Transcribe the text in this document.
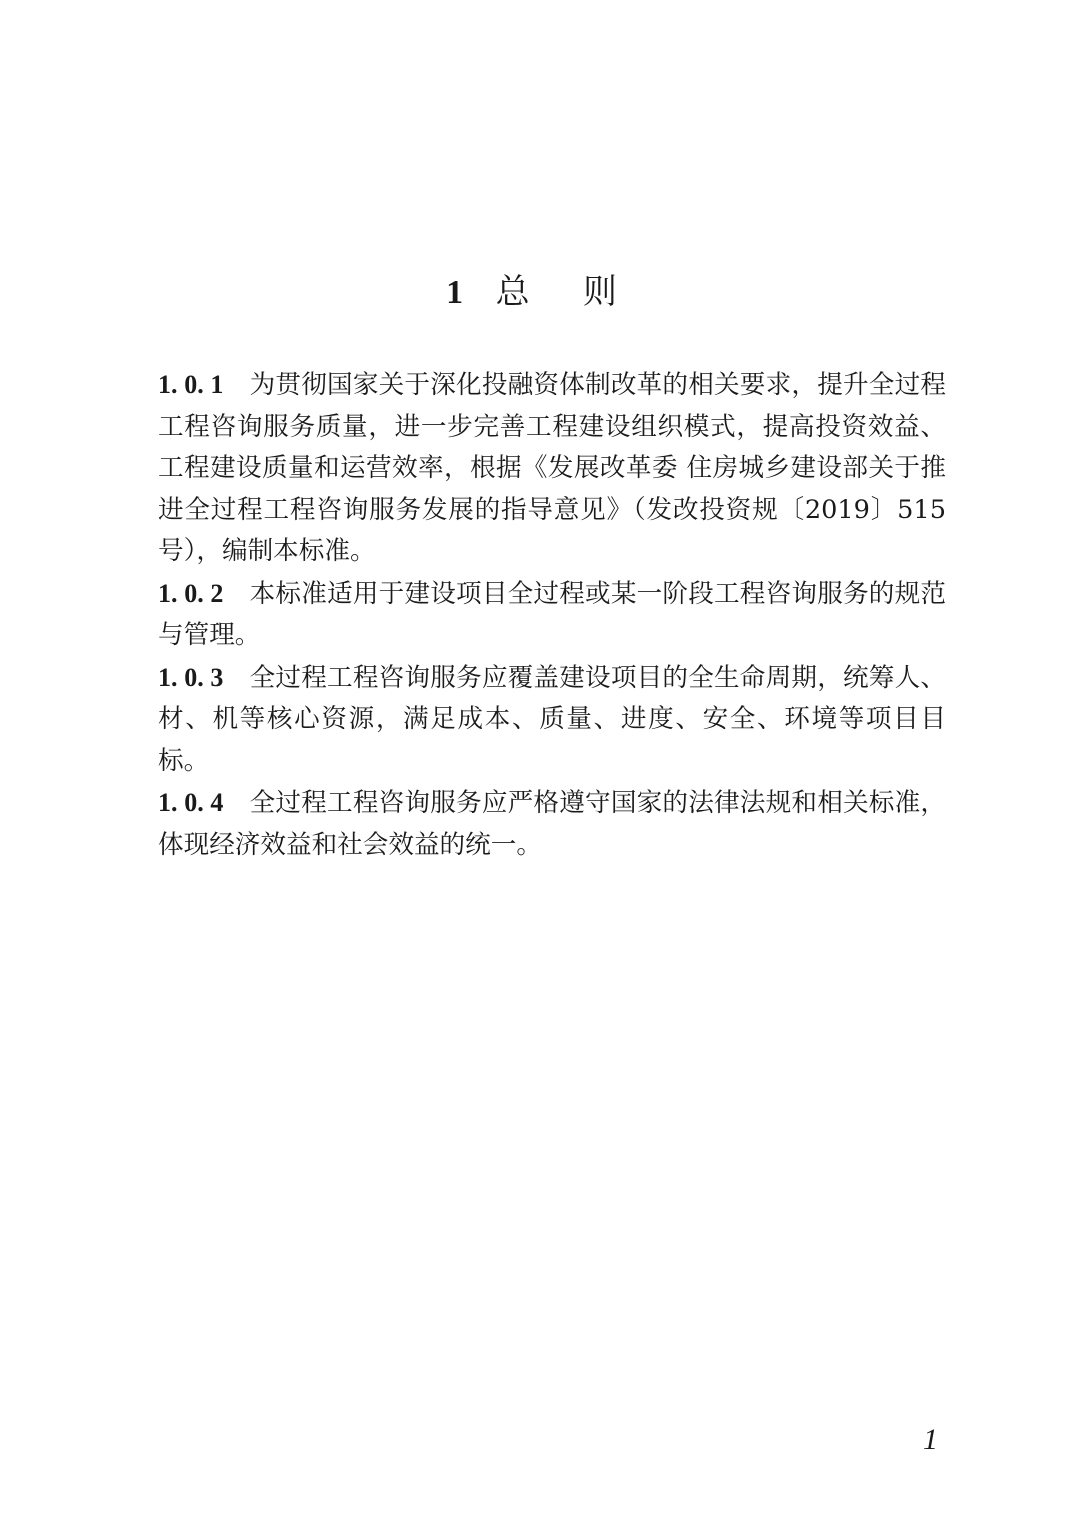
1 总    则

1. 0. 1 为贯彻国家关于深化投融资体制改革的相关要求，提升全过程工程咨询服务质量，进一步完善工程建设组织模式，提高投资效益、工程建设质量和运营效率，根据《发展改革委 住房城乡建设部关于推进全过程工程咨询服务发展的指导意见》（发改投资规〔2019〕515 号），编制本标准。

1. 0. 2 本标准适用于建设项目全过程或某一阶段工程咨询服务的规范与管理。

1. 0. 3 全过程工程咨询服务应覆盖建设项目的全生命周期，统筹人、材、机等核心资源，满足成本、质量、进度、安全、环境等项目目标。

1. 0. 4 全过程工程咨询服务应严格遵守国家的法律法规和相关标准，体现经济效益和社会效益的统一。

1
